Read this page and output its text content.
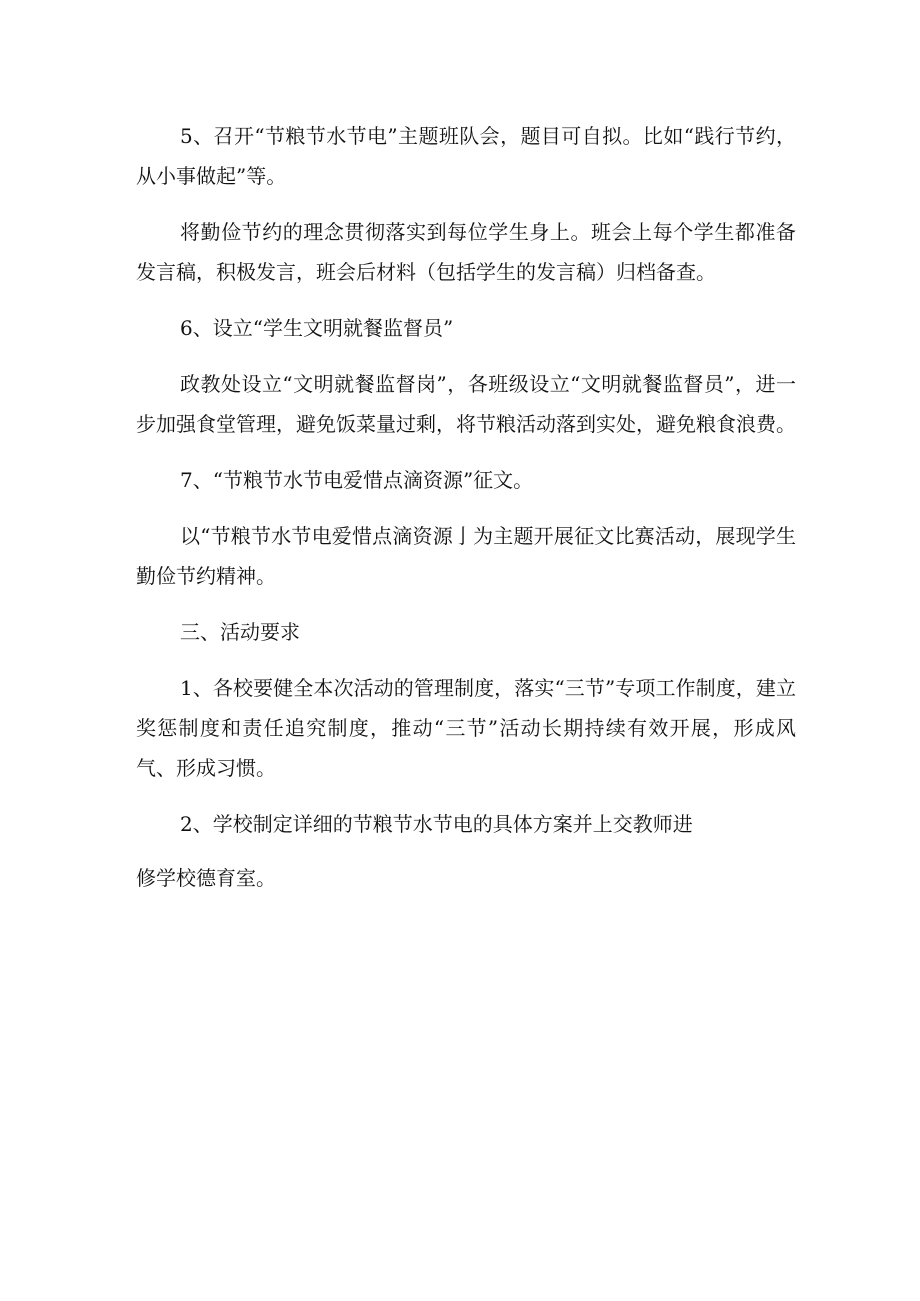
5、召开“节粮节水节电”主题班队会，题目可自拟。比如“践行节约，从小事做起”等。

将勤俭节约的理念贯彻落实到每位学生身上。班会上每个学生都准备发言稿，积极发言，班会后材料（包括学生的发言稿）归档备查。

6、设立“学生文明就餐监督员”

政教处设立“文明就餐监督岗”，各班级设立“文明就餐监督员”，进一步加强食堂管理，避免饭菜量过剩，将节粮活动落到实处，避免粮食浪费。

7、“节粮节水节电爱惜点滴资源”征文。

以“节粮节水节电爱惜点滴资源亅为主题开展征文比赛活动，展现学生勤俭节约精神。

三、活动要求

1、各校要健全本次活动的管理制度，落实“三节”专项工作制度，建立奖惩制度和责任追究制度，推动“三节”活动长期持续有效开展，形成风气、形成习惯。

2、学校制定详细的节粮节水节电的具体方案并上交教师进

修学校德育室。
